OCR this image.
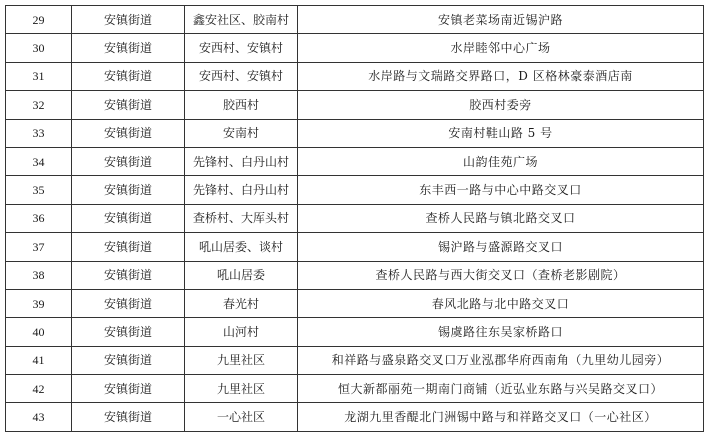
29	安镇街道	鑫安社区、胶南村	安镇老菜场南近锡沪路
30	安镇街道	安西村、安镇村	水岸睦邻中心广场
31	安镇街道	安西村、安镇村	水岸路与文瑞路交界路口，D 区格林豪泰酒店南
32	安镇街道	胶西村	胶西村委旁
33	安镇街道	安南村	安南村鞋山路 5 号
34	安镇街道	先锋村、白丹山村	山韵佳苑广场
35	安镇街道	先锋村、白丹山村	东丰西一路与中心中路交叉口
36	安镇街道	查桥村、大厍头村	查桥人民路与镇北路交叉口
37	安镇街道	吼山居委、谈村	锡沪路与盛源路交叉口
38	安镇街道	吼山居委	查桥人民路与西大街交叉口（查桥老影剧院）
39	安镇街道	春光村	春风北路与北中路交叉口
40	安镇街道	山河村	锡虞路往东吴家桥路口
41	安镇街道	九里社区	和祥路与盛泉路交叉口万业泓郡华府西南角（九里幼儿园旁）
42	安镇街道	九里社区	恒大新都丽苑一期南门商铺（近弘业东路与兴吴路交叉口）
43	安镇街道	一心社区	龙湖九里香醍北门洲锡中路与和祥路交叉口（一心社区）
